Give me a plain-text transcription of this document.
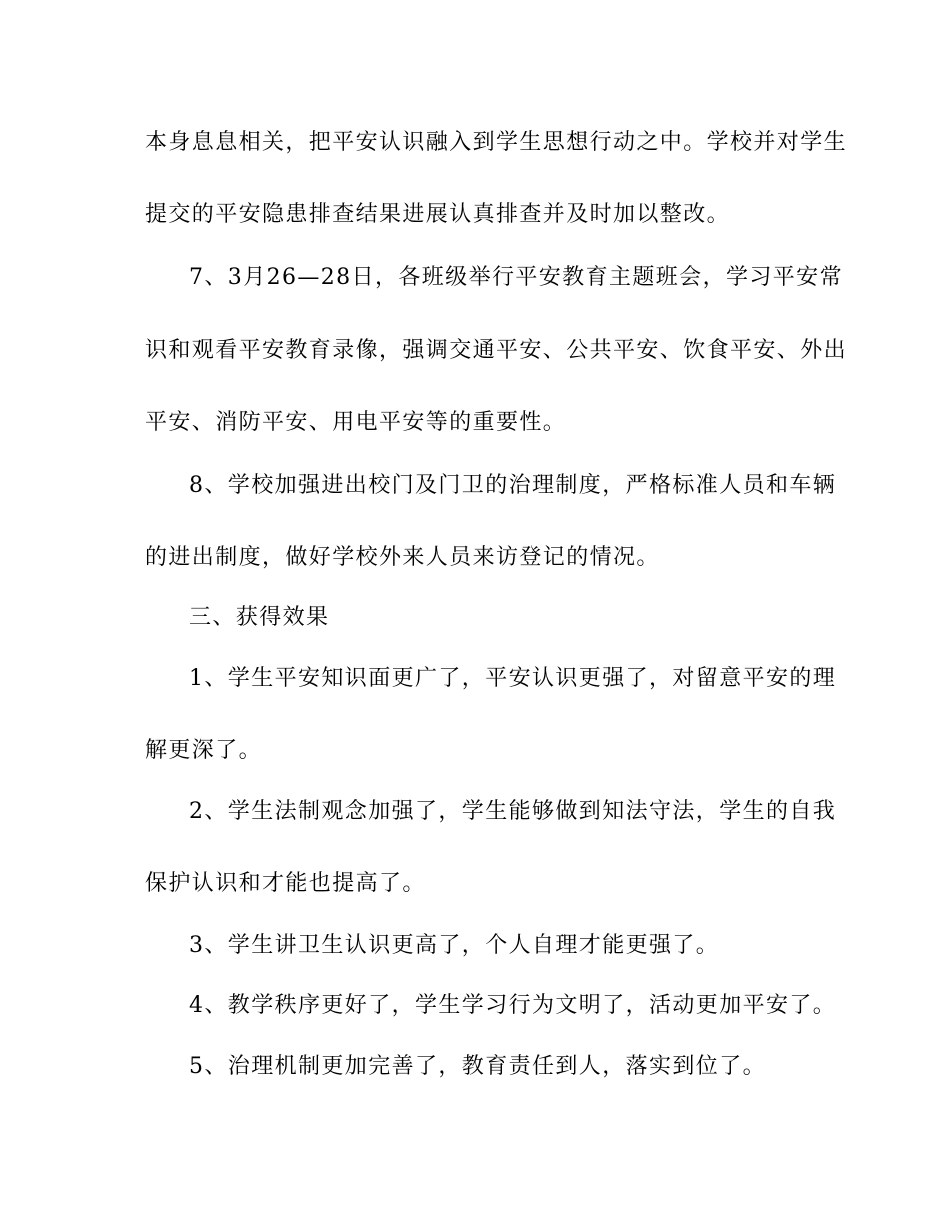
本身息息相关，把平安认识融入到学生思想行动之中。学校并对学生
提交的平安隐患排查结果进展认真排查并及时加以整改。
7、3月26—28日，各班级举行平安教育主题班会，学习平安常
识和观看平安教育录像，强调交通平安、公共平安、饮食平安、外出
平安、消防平安、用电平安等的重要性。
8、学校加强进出校门及门卫的治理制度，严格标准人员和车辆
的进出制度，做好学校外来人员来访登记的情况。
三、获得效果
1、学生平安知识面更广了，平安认识更强了，对留意平安的理
解更深了。
2、学生法制观念加强了，学生能够做到知法守法，学生的自我
保护认识和才能也提高了。
3、学生讲卫生认识更高了，个人自理才能更强了。
4、教学秩序更好了，学生学习行为文明了，活动更加平安了。
5、治理机制更加完善了，教育责任到人，落实到位了。
